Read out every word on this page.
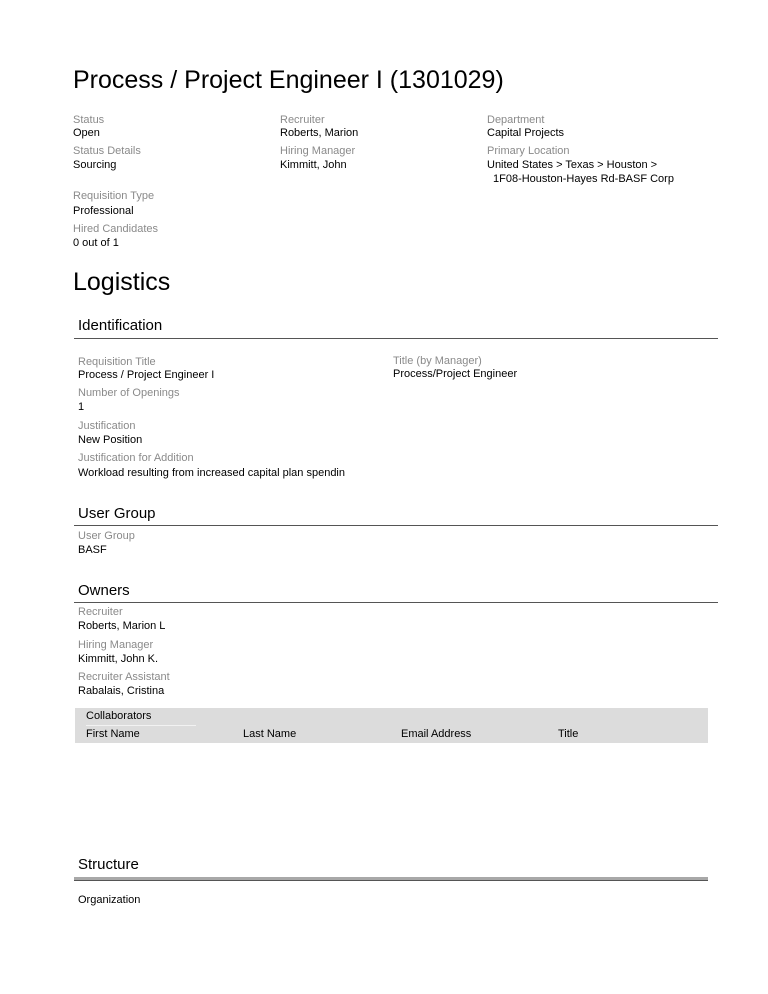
Process / Project Engineer I (1301029)
Status
Open
Status Details
Sourcing
Recruiter
Roberts, Marion
Hiring Manager
Kimmitt, John
Department
Capital Projects
Primary Location
United States > Texas > Houston >
1F08-Houston-Hayes Rd-BASF Corp
Requisition Type
Professional
Hired Candidates
0 out of 1
Logistics
Identification
Requisition Title
Process / Project Engineer I
Title (by Manager)
Process/Project Engineer
Number of Openings
1
Justification
New Position
Justification for Addition
Workload resulting from increased capital plan spendin
User Group
User Group
BASF
Owners
Recruiter
Roberts, Marion L
Hiring Manager
Kimmitt, John K.
Recruiter Assistant
Rabalais, Cristina
Collaborators
First Name	Last Name	Email Address	Title
Structure
Organization
